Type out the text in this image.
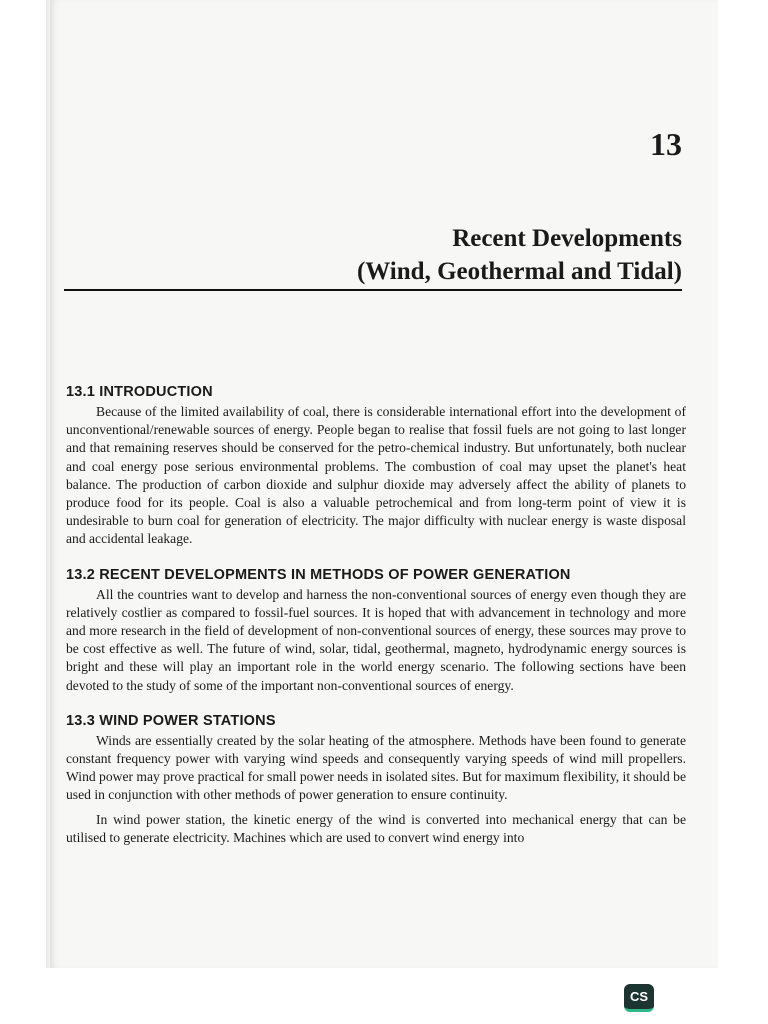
13
Recent Developments
(Wind, Geothermal and Tidal)
13.1 INTRODUCTION

Because of the limited availability of coal, there is considerable international effort into the development of unconventional/renewable sources of energy. People began to realise that fossil fuels are not going to last longer and that remaining reserves should be conserved for the petro-chemical industry. But unfortunately, both nuclear and coal energy pose serious environmental problems. The combustion of coal may upset the planet's heat balance. The production of carbon dioxide and sulphur dioxide may adversely affect the ability of planets to produce food for its people. Coal is also a valuable petrochemical and from long-term point of view it is undesirable to burn coal for generation of electricity. The major difficulty with nuclear energy is waste disposal and accidental leakage.

13.2 RECENT DEVELOPMENTS IN METHODS OF POWER GENERATION

All the countries want to develop and harness the non-conventional sources of energy even though they are relatively costlier as compared to fossil-fuel sources. It is hoped that with advancement in technology and more and more research in the field of development of non-conventional sources of energy, these sources may prove to be cost effective as well. The future of wind, solar, tidal, geothermal, magneto, hydrodynamic energy sources is bright and these will play an important role in the world energy scenario. The following sections have been devoted to the study of some of the important non-conventional sources of energy.

13.3 WIND POWER STATIONS

Winds are essentially created by the solar heating of the atmosphere. Methods have been found to generate constant frequency power with varying wind speeds and consequently varying speeds of wind mill propellers. Wind power may prove practical for small power needs in isolated sites. But for maximum flexibility, it should be used in conjunction with other methods of power generation to ensure continuity.

In wind power station, the kinetic energy of the wind is converted into mechanical energy that can be utilised to generate electricity. Machines which are used to convert wind energy into

CS
